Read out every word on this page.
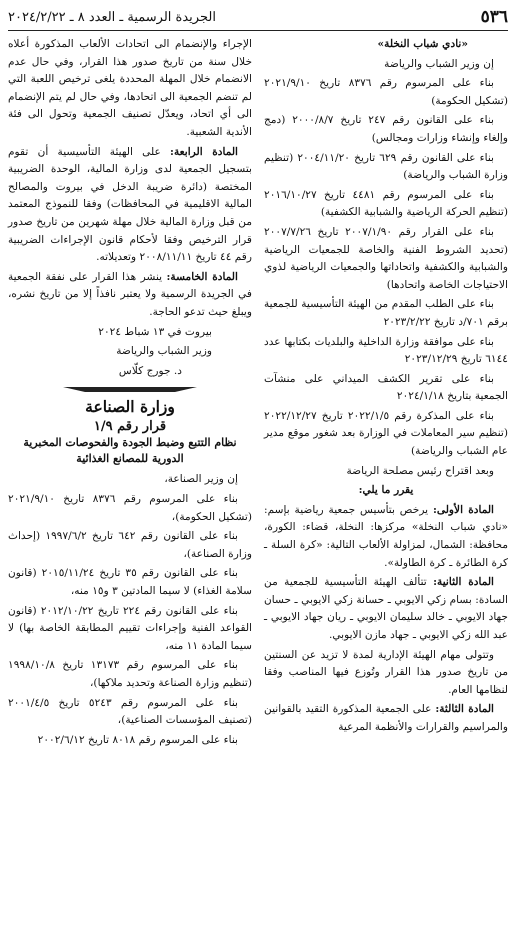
٥٣٦
الجريدة الرسمية ـ العدد ٨ ـ ٢٠٢٤/٢/٢٢

«نادي شباب النخلة»

إن وزير الشباب والرياضة

بناء على المرسوم رقم ٨٣٧٦ تاريخ ٢٠٢١/٩/١٠ (تشكيل الحكومة)

بناء على القانون رقم ٢٤٧ تاريخ ٢٠٠٠/٨/٧ (دمج وإلغاء وإنشاء وزارات ومجالس)

بناء على القانون رقم ٦٢٩ تاريخ ٢٠٠٤/١١/٢٠ (تنظيم وزارة الشباب والرياضة)

بناء على المرسوم رقم ٤٤٨١ تاريخ ٢٠١٦/١٠/٢٧ (تنظيم الحركة الرياضية والشبابية الكشفية)

بناء على القرار رقم ٢٠٠٧/١/٩٠ تاريخ ٢٠٠٧/٧/٢٦ (تحديد الشروط الفنية والخاصة للجمعيات الرياضية والشبابية والكشفية واتحاداتها والجمعيات الرياضية لذوي الاحتياجات الخاصة واتحادها)

بناء على الطلب المقدم من الهيئة التأسيسية للجمعية برقم ٧٠١/د تاريخ ٢٠٢٣/٢/٢٢

بناء على موافقة وزارة الداخلية والبلديات بكتابها عدد ٦١٤٤ تاريخ ٢٠٢٣/١٢/٢٩

بناء على تقرير الكشف الميداني على منشآت الجمعية بتاريخ ٢٠٢٤/١/١٨

بناء على المذكرة رقم ٢٠٢٢/١/٥ تاريخ ٢٠٢٢/١٢/٢٧ (تنظيم سير المعاملات في الوزارة بعد شغور موقع مدير عام الشباب والرياضة)

وبعد اقتراح رئيس مصلحة الرياضة

يقرر ما يلي:

المادة الأولى: يرخص بتأسيس جمعية رياضية بإسم: «نادي شباب النخلة» مركزها: النخلة، قضاء: الكورة، محافظة: الشمال، لمزاولة الألعاب التالية: «كرة السلة ـ كرة الطائرة ـ كرة الطاولة».

المادة الثانية: تتألف الهيئة التأسيسية للجمعية من السادة: بسام زكي الايوبي ـ حسانة زكي الايوبي ـ حسان جهاد الايوبي ـ خالد سليمان الايوبي ـ ريان جهاد الايوبي ـ عبد الله زكي الايوبي ـ جهاد مازن الايوبي.

وتتولى مهام الهيئة الإدارية لمدة لا تزيد عن السنتين من تاريخ صدور هذا القرار وتُوزع فيها المناصب وفقا لنظامها العام.

المادة الثالثة: على الجمعية المذكورة التقيد بالقوانين والمراسيم والقرارات والأنظمة المرعية

الإجراء والإنضمام الى اتحادات الألعاب المذكورة أعلاه خلال سنة من تاريخ صدور هذا القرار، وفي حال عدم الانضمام خلال المهلة المحددة يلغى ترخيص اللعبة التي لم تنضم الجمعية الى اتحادها، وفي حال لم يتم الإنضمام الى أي اتحاد، ويعدّل تصنيف الجمعية وتحول الى فئة الأندية الشعبية.

المادة الرابعة: على الهيئة التأسيسية أن تقوم بتسجيل الجمعية لدى وزارة المالية، الوحدة الضريبية المختصة (دائرة ضريبة الدخل في بيروت والمصالح المالية الاقليمية في المحافظات) وفقا للنموذج المعتمد من قبل وزارة المالية خلال مهلة شهرين من تاريخ صدور قرار الترخيص وفقا لأحكام قانون الإجراءات الضريبية رقم ٤٤ تاريخ ٢٠٠٨/١١/١١ وتعديلاته.

المادة الخامسة: ينشر هذا القرار على نفقة الجمعية في الجريدة الرسمية ولا يعتبر نافذاً إلا من تاريخ نشره، ويبلغ حيث تدعو الحاجة.

بيروت في ١٣ شباط ٢٠٢٤

وزير الشباب والرياضة

د. جورج كلّاس

وزارة الصناعة
قرار رقم ١/٩
نظام التتبع وضبط الجودة والفحوصات المخبرية الدورية للمصانع الغذائية

إن وزير الصناعة،

بناء على المرسوم رقم ٨٣٧٦ تاريخ ٢٠٢١/٩/١٠ (تشكيل الحكومة)،

بناء على القانون رقم ٦٤٢ تاريخ ١٩٩٧/٦/٢ (إحداث وزارة الصناعة)،

بناء على القانون رقم ٣٥ تاريخ ٢٠١٥/١١/٢٤ (قانون سلامة الغذاء) لا سيما المادتين ٣ و١٥ منه،

بناء على القانون رقم ٢٢٤ تاريخ ٢٠١٢/١٠/٢٢ (قانون القواعد الفنية وإجراءات تقييم المطابقة الخاصة بها) لا سيما المادة ١١ منه،

بناء على المرسوم رقم ١٣١٧٣ تاريخ ١٩٩٨/١٠/٨ (تنظيم وزارة الصناعة وتحديد ملاكها)،

بناء على المرسوم رقم ٥٢٤٣ تاريخ ٢٠٠١/٤/٥ (تصنيف المؤسسات الصناعية)،

بناء على المرسوم رقم ٨٠١٨ تاريخ ٢٠٠٢/٦/١٢
